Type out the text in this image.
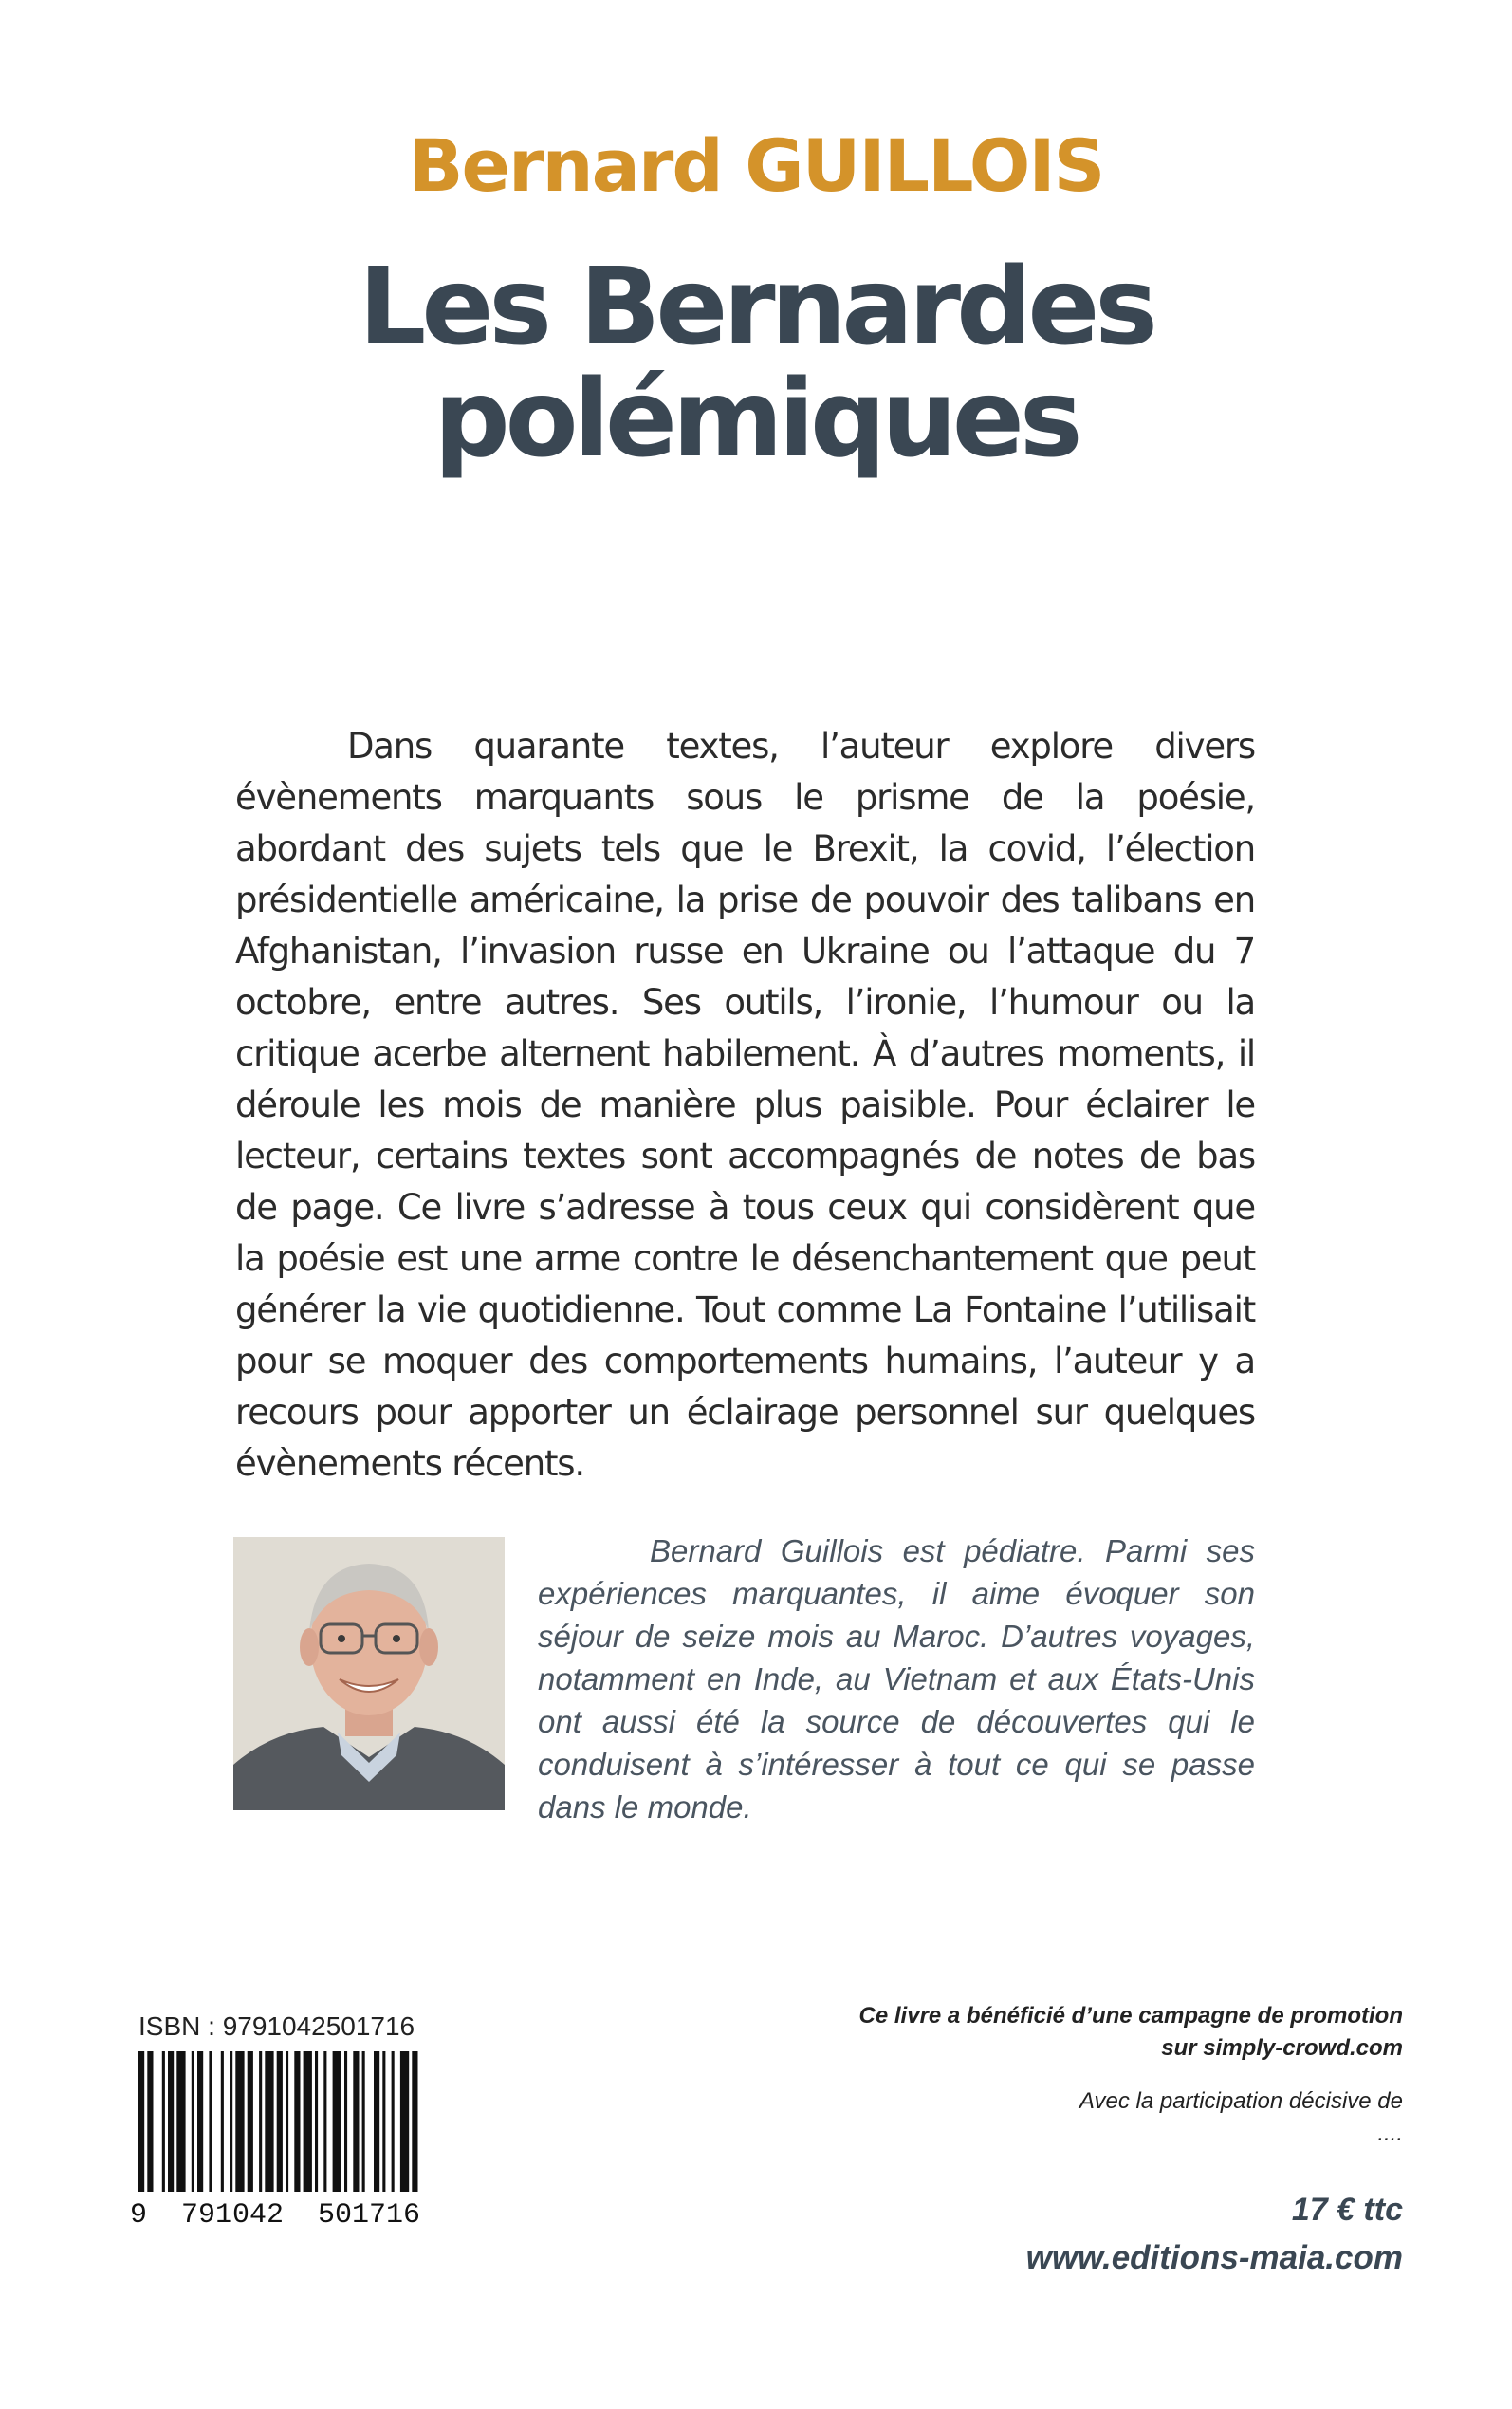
Bernard GUILLOIS
Les Bernardes
polémiques

Dans quarante textes, l’auteur explore divers évènements marquants sous le prisme de la poésie, abordant des sujets tels que le Brexit, la covid, l’élection présidentielle américaine, la prise de pouvoir des talibans en Afghanistan, l’invasion russe en Ukraine ou l’attaque du 7 octobre, entre autres. Ses outils, l’ironie, l’humour ou la critique acerbe alternent habilement. À d’autres moments, il déroule les mois de manière plus paisible. Pour éclairer le lecteur, certains textes sont accompagnés de notes de bas de page. Ce livre s’adresse à tous ceux qui considèrent que la poésie est une arme contre le désenchantement que peut générer la vie quotidienne. Tout comme La Fontaine l’utilisait pour se moquer des comportements humains, l’auteur y a recours pour apporter un éclairage personnel sur quelques évènements récents.

Bernard Guillois est pédiatre. Parmi ses expériences marquantes, il aime évoquer son séjour de seize mois au Maroc. D’autres voyages, notamment en Inde, au Vietnam et aux États-Unis ont aussi été la source de découvertes qui le conduisent à s’intéresser à tout ce qui se passe dans le monde.

ISBN : 9791042501716
9  791042  501716
Ce livre a bénéficié d’une campagne de promotion
sur simply-crowd.com
Avec la participation décisive de
....
17 € ttc
www.editions-maia.com
